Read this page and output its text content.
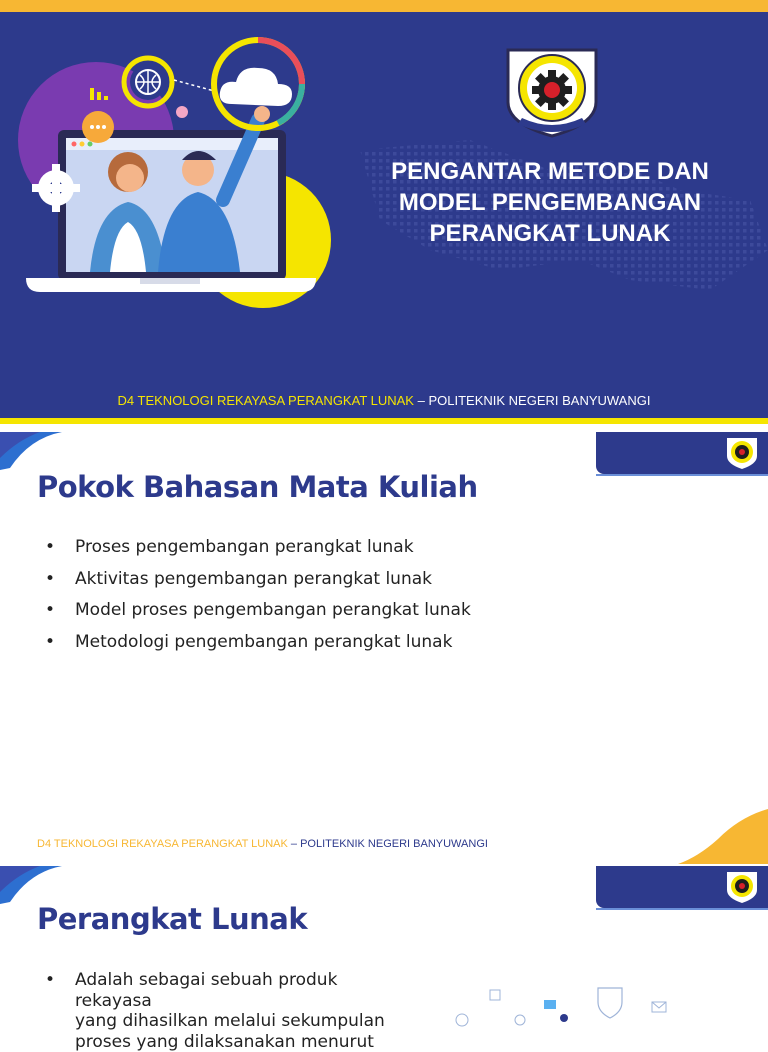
PENGANTAR METODE DAN
MODEL PENGEMBANGAN
PERANGKAT LUNAK
D4 TEKNOLOGI REKAYASA PERANGKAT LUNAK – POLITEKNIK NEGERI BANYUWANGI
Pokok Bahasan Mata Kuliah
• Proses pengembangan perangkat lunak
• Aktivitas pengembangan perangkat lunak
• Model proses pengembangan perangkat lunak
• Metodologi pengembangan perangkat lunak
D4 TEKNOLOGI REKAYASA PERANGKAT LUNAK – POLITEKNIK NEGERI BANYUWANGI
Perangkat Lunak
• Adalah sebagai sebuah produk rekayasa
yang dihasilkan melalui sekumpulan
proses yang dilaksanakan menurut
